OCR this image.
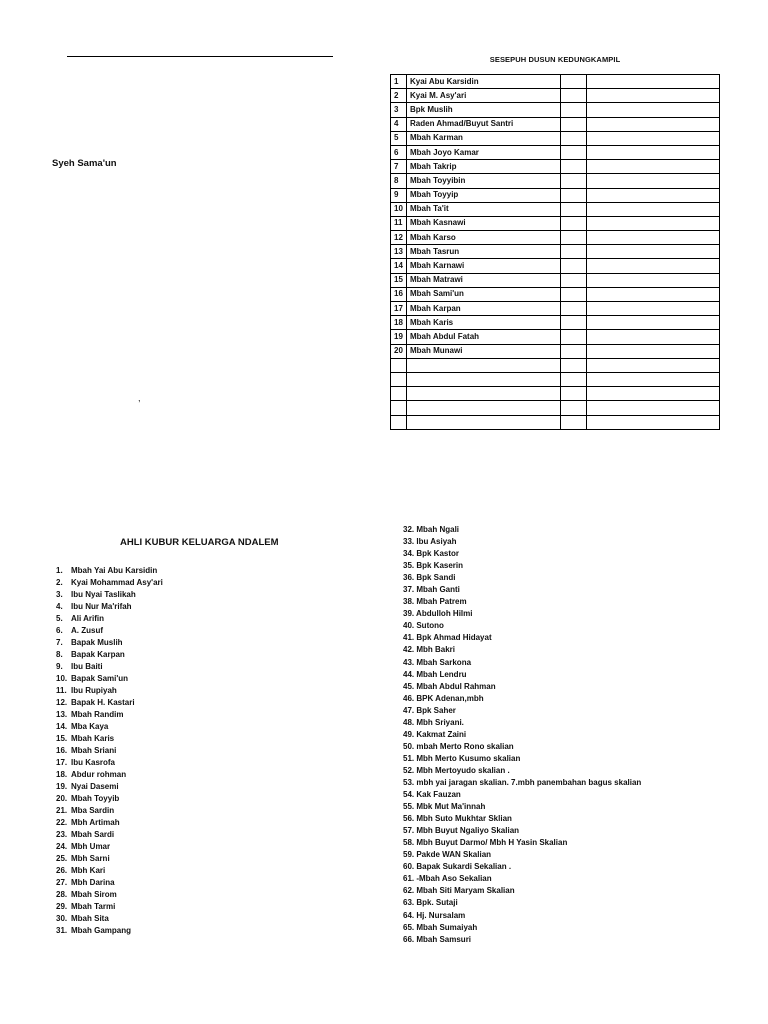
Syeh Sama'un
,
SESEPUH DUSUN KEDUNGKAMPIL
1	Kyai Abu Karsidin		
2	Kyai M. Asy'ari		
3	Bpk Muslih		
4	Raden Ahmad/Buyut Santri		
5	Mbah Karman		
6	Mbah Joyo Kamar		
7	Mbah Takrip		
8	Mbah Toyyibin		
9	Mbah Toyyip		
10	Mbah Ta'it		
11	Mbah Kasnawi		
12	Mbah Karso		
13	Mbah Tasrun		
14	Mbah Karnawi		
15	Mbah Matrawi		
16	Mbah Sami'un		
17	Mbah Karpan		
18	Mbah Karis		
19	Mbah Abdul Fatah		
20	Mbah Munawi		

AHLI KUBUR KELUARGA NDALEM
1. Mbah Yai Abu Karsidin
2. Kyai Mohammad Asy'ari
3. Ibu Nyai Taslikah
4. Ibu Nur Ma'rifah
5. Ali Arifin
6. A. Zusuf
7. Bapak Muslih
8. Bapak Karpan
9. Ibu Baiti
10. Bapak Sami'un
11. Ibu Rupiyah
12. Bapak H. Kastari
13. Mbah Randim
14. Mba Kaya
15. Mbah Karis
16. Mbah Sriani
17. Ibu Kasrofa
18. Abdur rohman
19. Nyai Dasemi
20. Mbah Toyyib
21. Mba Sardin
22. Mbh Artimah
23. Mbah Sardi
24. Mbh Umar
25. Mbh Sarni
26. Mbh Kari
27. Mbh Darina
28. Mbah Sirom
29. Mbah Tarmi
30. Mbah Sita
31. Mbah Gampang
32. Mbah Ngali
33. Ibu Asiyah
34. Bpk Kastor
35. Bpk Kaserin
36. Bpk Sandi
37. Mbah Ganti
38. Mbah Patrem
39. Abdulloh Hilmi
40. Sutono
41. Bpk Ahmad Hidayat
42. Mbh Bakri
43. Mbah Sarkona
44. Mbah Lendru
45. Mbah Abdul Rahman
46. BPK Adenan,mbh
47. Bpk Saher
48. Mbh Sriyani.
49. Kakmat Zaini
50. mbah Merto Rono skalian
51. Mbh Merto Kusumo skalian
52. Mbh Mertoyudo skalian .
53. mbh yai jaragan skalian. 7.mbh panembahan bagus skalian
54. Kak Fauzan
55. Mbk Mut Ma'innah
56. Mbh Suto Mukhtar Sklian
57. Mbh Buyut Ngaliyo Skalian
58. Mbh Buyut Darmo/ Mbh H Yasin Skalian
59. Pakde WAN Skalian
60. Bapak Sukardi Sekalian .
61. -Mbah Aso Sekalian
62. Mbah Siti Maryam Skalian
63. Bpk. Sutaji
64. Hj. Nursalam
65. Mbah Sumaiyah
66. Mbah Samsuri
